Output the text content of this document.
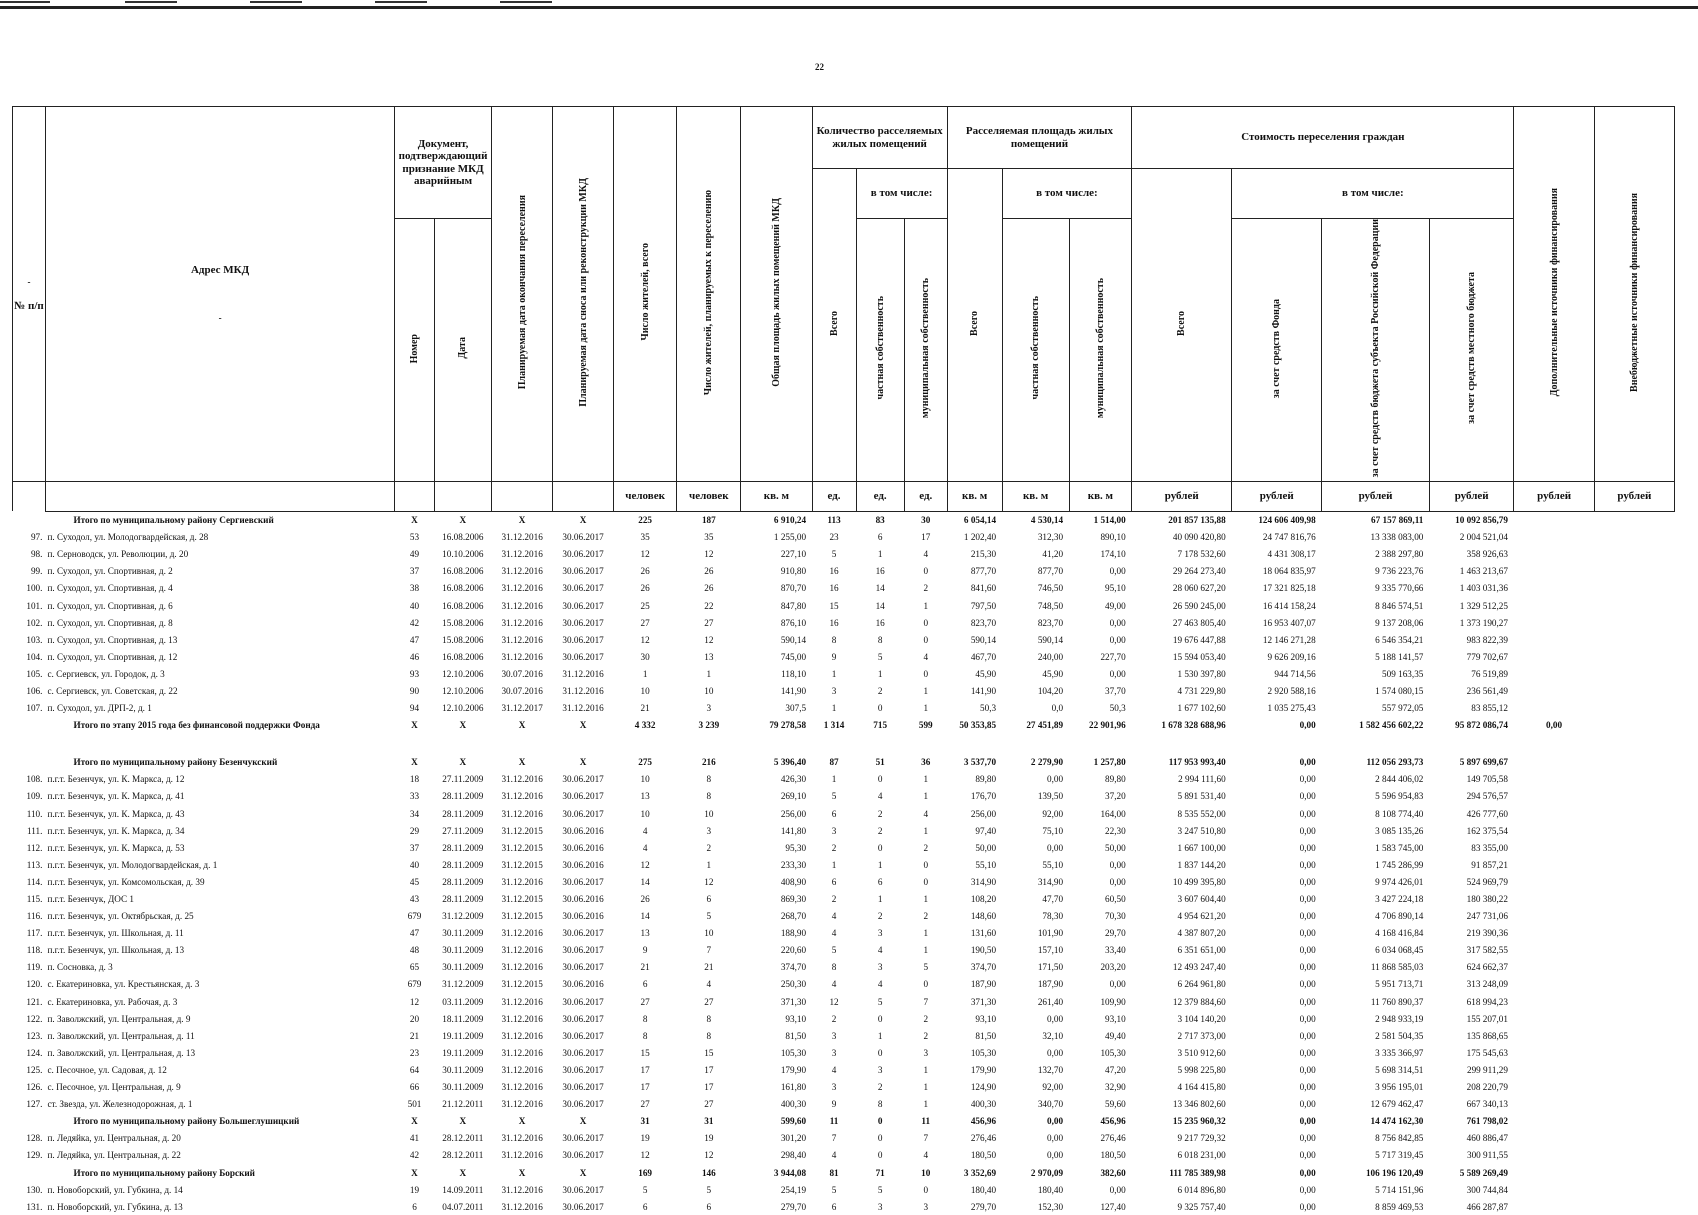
22
-

№ п/п	Адрес МКД

-	Документ, подтверждающий признание МКД аварийным		Планируемая дата окончания переселения	Планируемая дата сноса или реконструкции МКД	Число жителей, всего	Число жителей, планируемых к переселению	Общая площадь жилых помещений МКД	Количество расселяемых жилых помещений			Расселяемая площадь жилых помещений			Стоимость переселения граждан				Дополнительные источники финансирования	Внебюджетные источники финансирования
									Всего	в том числе:		Всего	в том числе:		Всего	в том числе:				
		Номер	Дата							частная собственность	муниципальная собственность		частная собственность	муниципальная собственность		за счет средств Фонда	за счет средств бюджета субъекта Российской Федерации	за счет средств местного бюджета		
						человек	человек	кв. м	ед.	ед.	ед.	кв. м	кв. м	кв. м	рублей	рублей	рублей	рублей	рублей	рублей
	Итого по муниципальному району Сергиевский	X	X	X	X	225	187	6 910,24	113	83	30	6 054,14	4 530,14	1 514,00	201 857 135,88	124 606 409,98	67 157 869,11	10 092 856,79		
97.	п. Суходол, ул. Молодогвардейская, д. 28	53	16.08.2006	31.12.2016	30.06.2017	35	35	1 255,00	23	6	17	1 202,40	312,30	890,10	40 090 420,80	24 747 816,76	13 338 083,00	2 004 521,04		
98.	п. Серноводск, ул. Революции, д. 20	49	10.10.2006	31.12.2016	30.06.2017	12	12	227,10	5	1	4	215,30	41,20	174,10	7 178 532,60	4 431 308,17	2 388 297,80	358 926,63		
99.	п. Суходол, ул. Спортивная, д. 2	37	16.08.2006	31.12.2016	30.06.2017	26	26	910,80	16	16	0	877,70	877,70	0,00	29 264 273,40	18 064 835,97	9 736 223,76	1 463 213,67		
100.	п. Суходол, ул. Спортивная, д. 4	38	16.08.2006	31.12.2016	30.06.2017	26	26	870,70	16	14	2	841,60	746,50	95,10	28 060 627,20	17 321 825,18	9 335 770,66	1 403 031,36		
101.	п. Суходол, ул. Спортивная, д. 6	40	16.08.2006	31.12.2016	30.06.2017	25	22	847,80	15	14	1	797,50	748,50	49,00	26 590 245,00	16 414 158,24	8 846 574,51	1 329 512,25		
102.	п. Суходол, ул. Спортивная, д. 8	42	15.08.2006	31.12.2016	30.06.2017	27	27	876,10	16	16	0	823,70	823,70	0,00	27 463 805,40	16 953 407,07	9 137 208,06	1 373 190,27		
103.	п. Суходол, ул. Спортивная, д. 13	47	15.08.2006	31.12.2016	30.06.2017	12	12	590,14	8	8	0	590,14	590,14	0,00	19 676 447,88	12 146 271,28	6 546 354,21	983 822,39		
104.	п. Суходол, ул. Спортивная, д. 12	46	16.08.2006	31.12.2016	30.06.2017	30	13	745,00	9	5	4	467,70	240,00	227,70	15 594 053,40	9 626 209,16	5 188 141,57	779 702,67		
105.	с. Сергиевск, ул. Городок, д. 3	93	12.10.2006	30.07.2016	31.12.2016	1	1	118,10	1	1	0	45,90	45,90	0,00	1 530 397,80	944 714,56	509 163,35	76 519,89		
106.	с. Сергиевск, ул. Советская, д. 22	90	12.10.2006	30.07.2016	31.12.2016	10	10	141,90	3	2	1	141,90	104,20	37,70	4 731 229,80	2 920 588,16	1 574 080,15	236 561,49		
107.	п. Суходол, ул. ДРП-2, д. 1	94	12.10.2006	31.12.2017	31.12.2016	21	3	307,5	1	0	1	50,3	0,0	50,3	1 677 102,60	1 035 275,43	557 972,05	83 855,12		
	Итого по этапу 2015 года без финансовой поддержки Фонда	X	X	X	X	4 332	3 239	79 278,58	1 314	715	599	50 353,85	27 451,89	22 901,96	1 678 328 688,96	0,00	1 582 456 602,22	95 872 086,74	0,00	

	Итого по муниципальному району Безенчукский	X	X	X	X	275	216	5 396,40	87	51	36	3 537,70	2 279,90	1 257,80	117 953 993,40	0,00	112 056 293,73	5 897 699,67		
108.	п.г.т. Безенчук, ул. К. Маркса, д. 12	18	27.11.2009	31.12.2016	30.06.2017	10	8	426,30	1	0	1	89,80	0,00	89,80	2 994 111,60	0,00	2 844 406,02	149 705,58		
109.	п.г.т. Безенчук, ул. К. Маркса, д. 41	33	28.11.2009	31.12.2016	30.06.2017	13	8	269,10	5	4	1	176,70	139,50	37,20	5 891 531,40	0,00	5 596 954,83	294 576,57		
110.	п.г.т. Безенчук, ул. К. Маркса, д. 43	34	28.11.2009	31.12.2016	30.06.2017	10	10	256,00	6	2	4	256,00	92,00	164,00	8 535 552,00	0,00	8 108 774,40	426 777,60		
111.	п.г.т. Безенчук, ул. К. Маркса, д. 34	29	27.11.2009	31.12.2015	30.06.2016	4	3	141,80	3	2	1	97,40	75,10	22,30	3 247 510,80	0,00	3 085 135,26	162 375,54		
112.	п.г.т. Безенчук, ул. К. Маркса, д. 53	37	28.11.2009	31.12.2015	30.06.2016	4	2	95,30	2	0	2	50,00	0,00	50,00	1 667 100,00	0,00	1 583 745,00	83 355,00		
113.	п.г.т. Безенчук, ул. Молодогвардейская, д. 1	40	28.11.2009	31.12.2015	30.06.2016	12	1	233,30	1	1	0	55,10	55,10	0,00	1 837 144,20	0,00	1 745 286,99	91 857,21		
114.	п.г.т. Безенчук, ул. Комсомольская, д. 39	45	28.11.2009	31.12.2016	30.06.2017	14	12	408,90	6	6	0	314,90	314,90	0,00	10 499 395,80	0,00	9 974 426,01	524 969,79		
115.	п.г.т. Безенчук, ДОС 1	43	28.11.2009	31.12.2015	30.06.2016	26	6	869,30	2	1	1	108,20	47,70	60,50	3 607 604,40	0,00	3 427 224,18	180 380,22		
116.	п.г.т. Безенчук, ул. Октябрьская, д. 25	679	31.12.2009	31.12.2015	30.06.2016	14	5	268,70	4	2	2	148,60	78,30	70,30	4 954 621,20	0,00	4 706 890,14	247 731,06		
117.	п.г.т. Безенчук, ул. Школьная, д. 11	47	30.11.2009	31.12.2016	30.06.2017	13	10	188,90	4	3	1	131,60	101,90	29,70	4 387 807,20	0,00	4 168 416,84	219 390,36		
118.	п.г.т. Безенчук, ул. Школьная, д. 13	48	30.11.2009	31.12.2016	30.06.2017	9	7	220,60	5	4	1	190,50	157,10	33,40	6 351 651,00	0,00	6 034 068,45	317 582,55		
119.	п. Сосновка, д. 3	65	30.11.2009	31.12.2016	30.06.2017	21	21	374,70	8	3	5	374,70	171,50	203,20	12 493 247,40	0,00	11 868 585,03	624 662,37		
120.	с. Екатериновка, ул. Крестьянская, д. 3	679	31.12.2009	31.12.2015	30.06.2016	6	4	250,30	4	4	0	187,90	187,90	0,00	6 264 961,80	0,00	5 951 713,71	313 248,09		
121.	с. Екатериновка, ул. Рабочая, д. 3	12	03.11.2009	31.12.2016	30.06.2017	27	27	371,30	12	5	7	371,30	261,40	109,90	12 379 884,60	0,00	11 760 890,37	618 994,23		
122.	п. Заволжский, ул. Центральная, д. 9	20	18.11.2009	31.12.2016	30.06.2017	8	8	93,10	2	0	2	93,10	0,00	93,10	3 104 140,20	0,00	2 948 933,19	155 207,01		
123.	п. Заволжский, ул. Центральная, д. 11	21	19.11.2009	31.12.2016	30.06.2017	8	8	81,50	3	1	2	81,50	32,10	49,40	2 717 373,00	0,00	2 581 504,35	135 868,65		
124.	п. Заволжский, ул. Центральная, д. 13	23	19.11.2009	31.12.2016	30.06.2017	15	15	105,30	3	0	3	105,30	0,00	105,30	3 510 912,60	0,00	3 335 366,97	175 545,63		
125.	с. Песочное, ул. Садовая, д. 12	64	30.11.2009	31.12.2016	30.06.2017	17	17	179,90	4	3	1	179,90	132,70	47,20	5 998 225,80	0,00	5 698 314,51	299 911,29		
126.	с. Песочное, ул. Центральная, д. 9	66	30.11.2009	31.12.2016	30.06.2017	17	17	161,80	3	2	1	124,90	92,00	32,90	4 164 415,80	0,00	3 956 195,01	208 220,79		
127.	ст. Звезда, ул. Железнодорожная, д. 1	501	21.12.2011	31.12.2016	30.06.2017	27	27	400,30	9	8	1	400,30	340,70	59,60	13 346 802,60	0,00	12 679 462,47	667 340,13		
	Итого по муниципальному району Большеглушицкий	X	X	X	X	31	31	599,60	11	0	11	456,96	0,00	456,96	15 235 960,32	0,00	14 474 162,30	761 798,02		
128.	п. Ледяйка, ул. Центральная, д. 20	41	28.12.2011	31.12.2016	30.06.2017	19	19	301,20	7	0	7	276,46	0,00	276,46	9 217 729,32	0,00	8 756 842,85	460 886,47		
129.	п. Ледяйка, ул. Центральная, д. 22	42	28.12.2011	31.12.2016	30.06.2017	12	12	298,40	4	0	4	180,50	0,00	180,50	6 018 231,00	0,00	5 717 319,45	300 911,55		
	Итого по муниципальному району Борский	X	X	X	X	169	146	3 944,08	81	71	10	3 352,69	2 970,09	382,60	111 785 389,98	0,00	106 196 120,49	5 589 269,49		
130.	п. Новоборский, ул. Губкина, д. 14	19	14.09.2011	31.12.2016	30.06.2017	5	5	254,19	5	5	0	180,40	180,40	0,00	6 014 896,80	0,00	5 714 151,96	300 744,84		
131.	п. Новоборский, ул. Губкина, д. 13	6	04.07.2011	31.12.2016	30.06.2017	6	6	279,70	6	3	3	279,70	152,30	127,40	9 325 757,40	0,00	8 859 469,53	466 287,87		
